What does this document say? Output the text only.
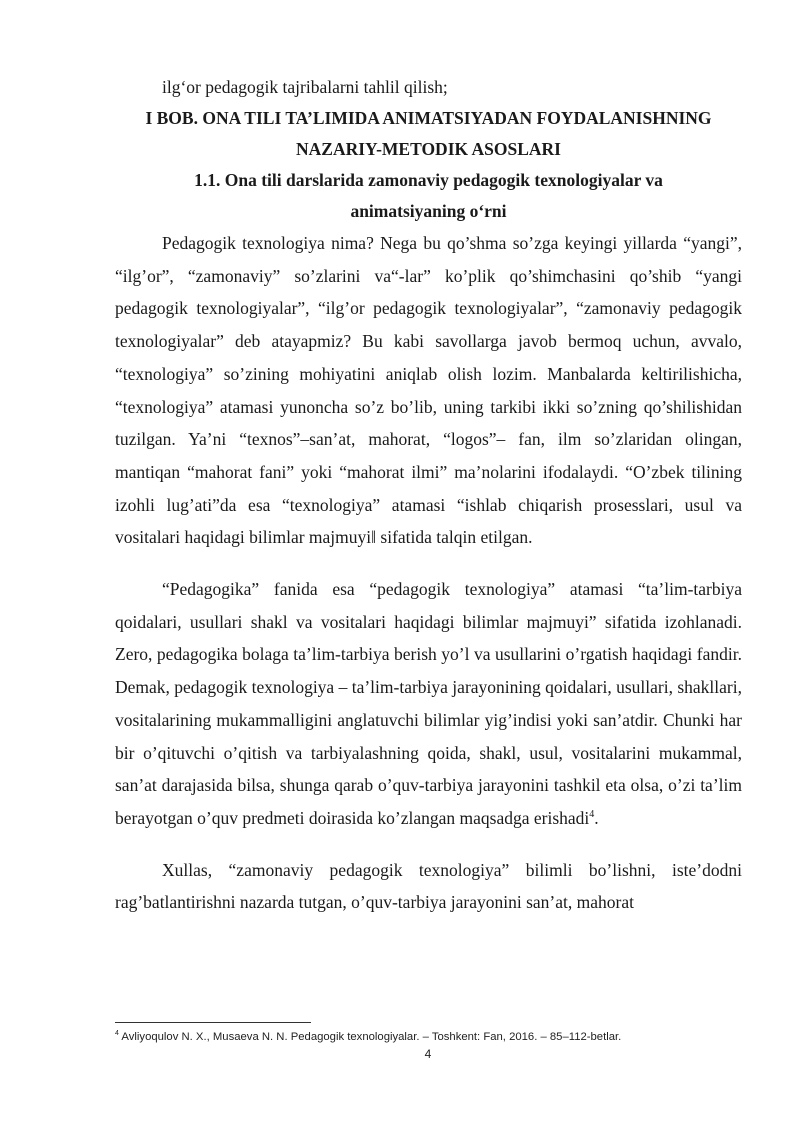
ilg‘or pedagogik tajribalarni tahlil qilish;

I BOB. ONA TILI TA’LIMIDA ANIMATSIYADAN FOYDALANISHNING
NAZARIY-METODIK ASOSLARI
1.1. Ona tili darslarida zamonaviy pedagogik texnologiyalar va
animatsiyaning o‘rni

Pedagogik texnologiya nima? Nega bu qo’shma so’zga keyingi yillarda “yangi”, “ilg’or”, “zamonaviy” so’zlarini va“-lar” ko’plik qo’shimchasini qo’shib “yangi pedagogik texnologiyalar”, “ilg’or pedagogik texnologiyalar”, “zamonaviy pedagogik texnologiyalar” deb atayapmiz? Bu kabi savollarga javob bermoq uchun, avvalo, “texnologiya” so’zining mohiyatini aniqlab olish lozim. Manbalarda keltirilishicha, “texnologiya” atamasi yunoncha so’z bo’lib, uning tarkibi ikki so’zning qo’shilishidan tuzilgan. Ya’ni “texnos”–san’at, mahorat, “logos”– fan, ilm so’zlaridan olingan, mantiqan “mahorat fani” yoki “mahorat ilmi” ma’nolarini ifodalaydi. “O’zbek tilining izohli lug’ati”da esa “texnologiya” atamasi “ishlab chiqarish prosesslari, usul va vositalari haqidagi bilimlar majmuyi‖ sifatida talqin etilgan.

“Pedagogika” fanida esa “pedagogik texnologiya” atamasi “ta’lim-tarbiya qoidalari, usullari shakl va vositalari haqidagi bilimlar majmuyi” sifatida izohlanadi. Zero, pedagogika bolaga ta’lim-tarbiya berish yo’l va usullarini o’rgatish haqidagi fandir. Demak, pedagogik texnologiya – ta’lim-tarbiya jarayonining qoidalari, usullari, shakllari, vositalarining mukammalligini anglatuvchi bilimlar yig’indisi yoki san’atdir. Chunki har bir o’qituvchi o’qitish va tarbiyalashning qoida, shakl, usul, vositalarini mukammal, san’at darajasida bilsa, shunga qarab o’quv-tarbiya jarayonini tashkil eta olsa, o’zi ta’lim berayotgan o’quv predmeti doirasida ko’zlangan maqsadga erishadi$^4$.

Xullas, “zamonaviy pedagogik texnologiya” bilimli bo’lishni, iste’dodni rag’batlantirishni nazarda tutgan, o’quv-tarbiya jarayonini san’at, mahorat

$^4$ Avliyoqulov N. X., Musaeva N. N. Pedagogik texnologiyalar. – Toshkent: Fan, 2016. – 85–112-betlar.
4
